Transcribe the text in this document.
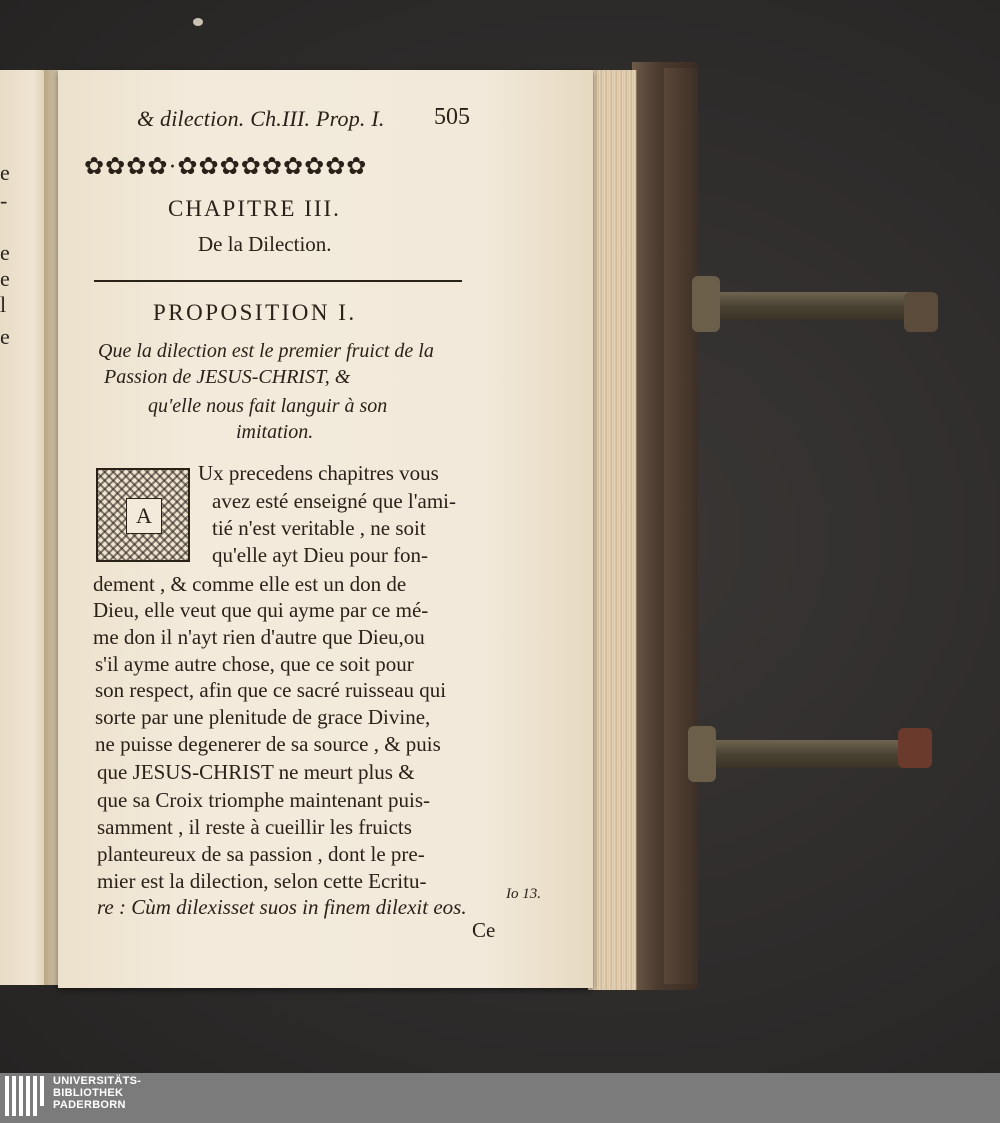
e
-
e
e
l
e
& dilection. Ch.III. Prop. I. 505
✿✿✿✿·✿✿✿✿✿✿✿✿✿
CHAPITRE III.
De la Dilection.
PROPOSITION I.
Que la dilection est le premier fruict de la
Passion de JESUS-CHRIST, &
qu'elle nous fait languir à son
imitation.
A
Ux precedens chapitres vous
avez esté enseigné que l'ami-
tié n'est veritable , ne soit
qu'elle ayt Dieu pour fon-
dement , & comme elle est un don de
Dieu, elle veut que qui ayme par ce mé-
me don il n'ayt rien d'autre que Dieu,ou
s'il ayme autre chose, que ce soit pour
son respect, afin que ce sacré ruisseau qui
sorte par une plenitude de grace Divine,
ne puisse degenerer de sa source , & puis
que JESUS-CHRIST ne meurt plus &
que sa Croix triomphe maintenant puis-
samment , il reste à cueillir les fruicts
planteureux de sa passion , dont le pre-
mier est la dilection, selon cette Ecritu-
re : Cùm dilexisset suos in finem dilexit eos.
Io 13.
Ce
UNIVERSITÄTS-
BIBLIOTHEK
PADERBORN
